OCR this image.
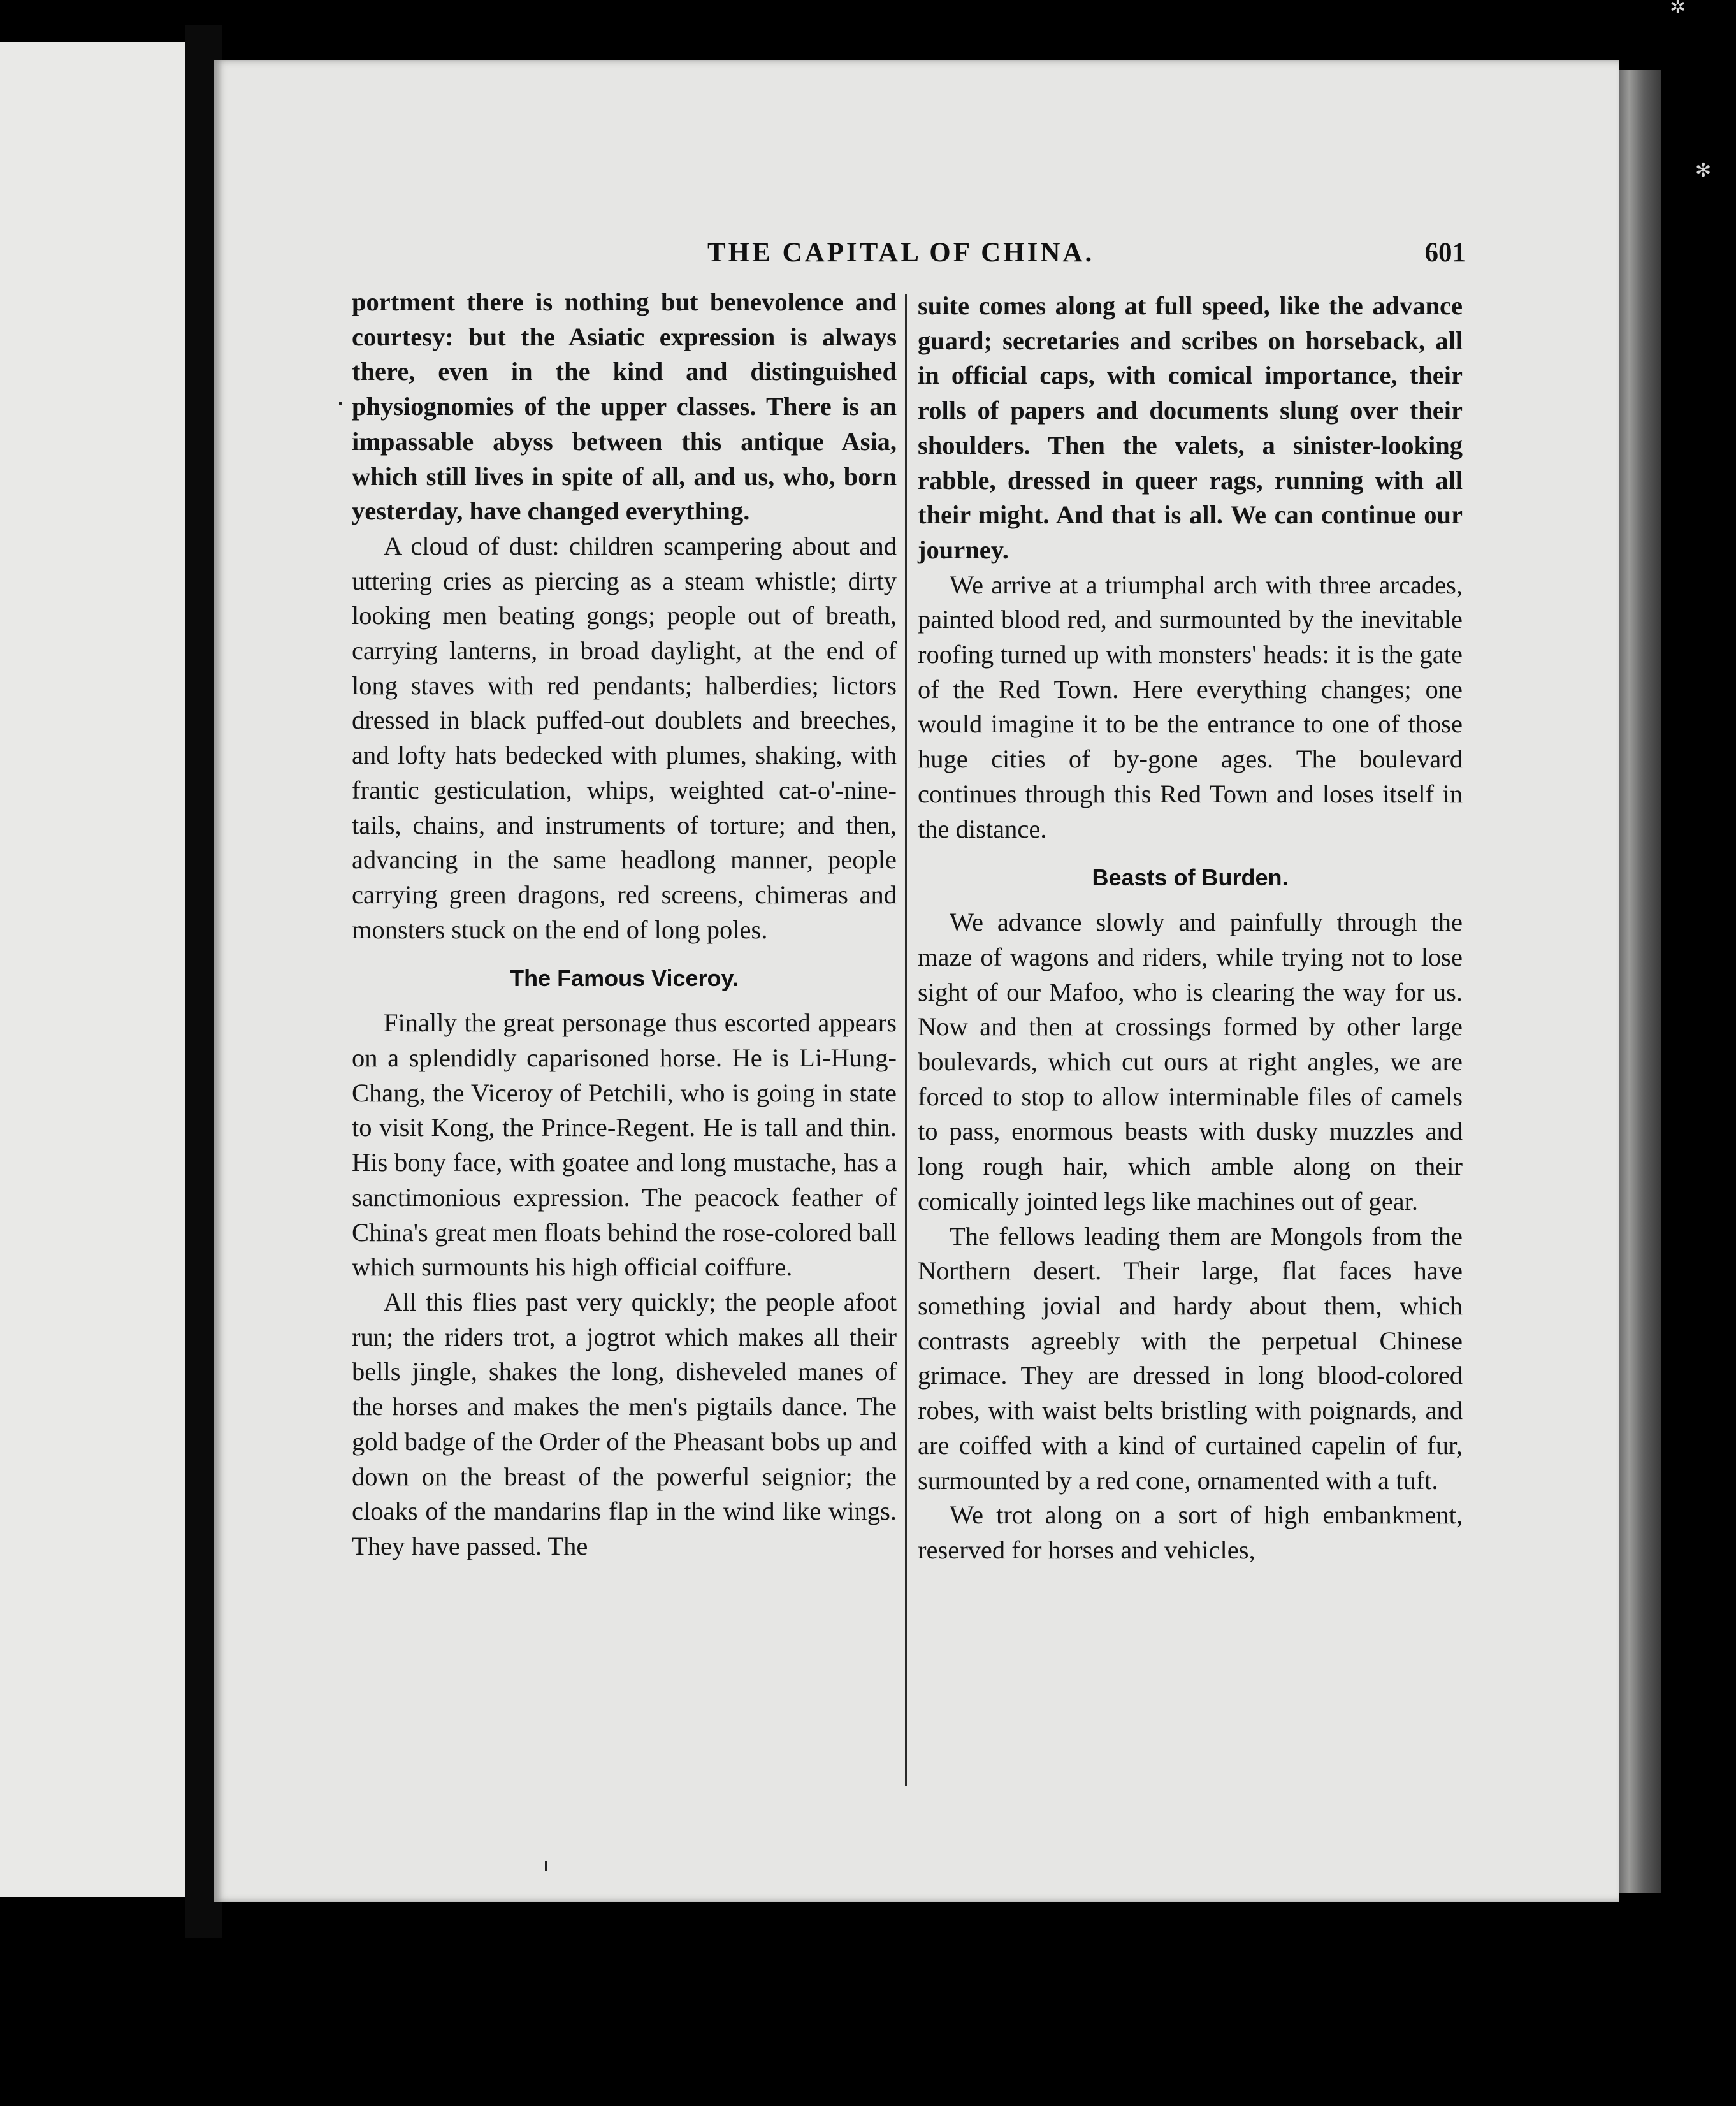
✲
✻
THE CAPITAL OF CHINA.	601

portment there is nothing but benevolence and courtesy: but the Asiatic expression is always there, even in the kind and distinguished physiognomies of the upper classes. There is an impassable abyss between this antique Asia, which still lives in spite of all, and us, who, born yesterday, have changed everything.

A cloud of dust: children scampering about and uttering cries as piercing as a steam whistle; dirty looking men beating gongs; people out of breath, carrying lanterns, in broad daylight, at the end of long staves with red pendants; halberdies; lictors dressed in black puffed-out doublets and breeches, and lofty hats bedecked with plumes, shaking, with frantic gesticulation, whips, weighted cat-o'-nine-tails, chains, and instruments of torture; and then, advancing in the same headlong manner, people carrying green dragons, red screens, chimeras and monsters stuck on the end of long poles.

The Famous Viceroy.

Finally the great personage thus escorted appears on a splendidly caparisoned horse. He is Li-Hung-Chang, the Viceroy of Petchili, who is going in state to visit Kong, the Prince-Regent. He is tall and thin. His bony face, with goatee and long mustache, has a sanctimonious expression. The peacock feather of China's great men floats behind the rose-colored ball which surmounts his high official coiffure.

All this flies past very quickly; the people afoot run; the riders trot, a jogtrot which makes all their bells jingle, shakes the long, disheveled manes of the horses and makes the men's pigtails dance. The gold badge of the Order of the Pheasant bobs up and down on the breast of the powerful seignior; the cloaks of the mandarins flap in the wind like wings. They have passed. The

suite comes along at full speed, like the advance guard; secretaries and scribes on horseback, all in official caps, with comical importance, their rolls of papers and documents slung over their shoulders. Then the valets, a sinister-looking rabble, dressed in queer rags, running with all their might. And that is all. We can continue our journey.

We arrive at a triumphal arch with three arcades, painted blood red, and surmounted by the inevitable roofing turned up with monsters' heads: it is the gate of the Red Town. Here everything changes; one would imagine it to be the entrance to one of those huge cities of by-gone ages. The boulevard continues through this Red Town and loses itself in the distance.

Beasts of Burden.

We advance slowly and painfully through the maze of wagons and riders, while trying not to lose sight of our Mafoo, who is clearing the way for us. Now and then at crossings formed by other large boulevards, which cut ours at right angles, we are forced to stop to allow interminable files of camels to pass, enormous beasts with dusky muzzles and long rough hair, which amble along on their comically jointed legs like machines out of gear.

The fellows leading them are Mongols from the Northern desert. Their large, flat faces have something jovial and hardy about them, which contrasts agreebly with the perpetual Chinese grimace. They are dressed in long blood-colored robes, with waist belts bristling with poignards, and are coiffed with a kind of curtained capelin of fur, surmounted by a red cone, ornamented with a tuft.

We trot along on a sort of high embankment, reserved for horses and vehicles,
